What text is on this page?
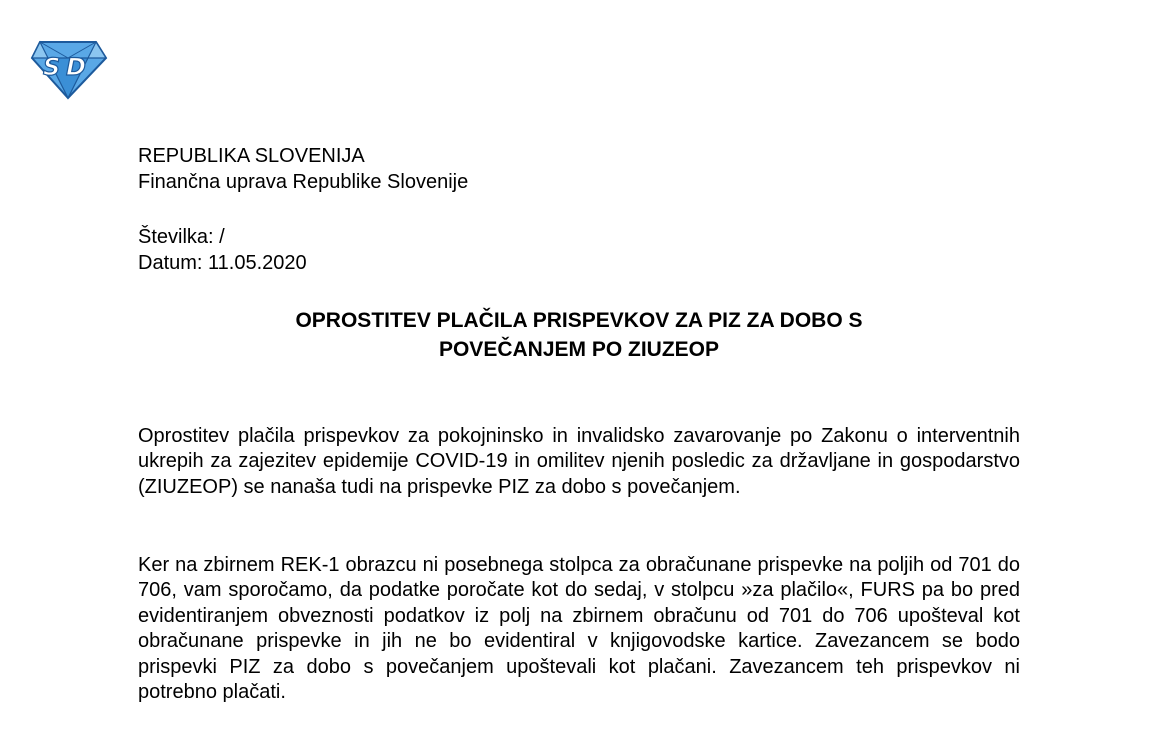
S D
REPUBLIKA SLOVENIJA
Finančna uprava Republike Slovenije
Številka: /
Datum: 11.05.2020
OPROSTITEV PLAČILA PRISPEVKOV ZA PIZ ZA DOBO S
POVEČANJEM PO ZIUZEOP
Oprostitev plačila prispevkov za pokojninsko in invalidsko zavarovanje po Zakonu o interventnih ukrepih za zajezitev epidemije COVID-19 in omilitev njenih posledic za državljane in gospodarstvo (ZIUZEOP) se nanaša tudi na prispevke PIZ za dobo s povečanjem.
Ker na zbirnem REK-1 obrazcu ni posebnega stolpca za obračunane prispevke na poljih od 701 do 706, vam sporočamo, da podatke poročate kot do sedaj, v stolpcu »za plačilo«, FURS pa bo pred evidentiranjem obveznosti podatkov iz polj na zbirnem obračunu od 701 do 706 upošteval kot obračunane prispevke in jih ne bo evidentiral v knjigovodske kartice. Zavezancem se bodo prispevki PIZ za dobo s povečanjem upoštevali kot plačani. Zavezancem teh prispevkov ni potrebno plačati.
